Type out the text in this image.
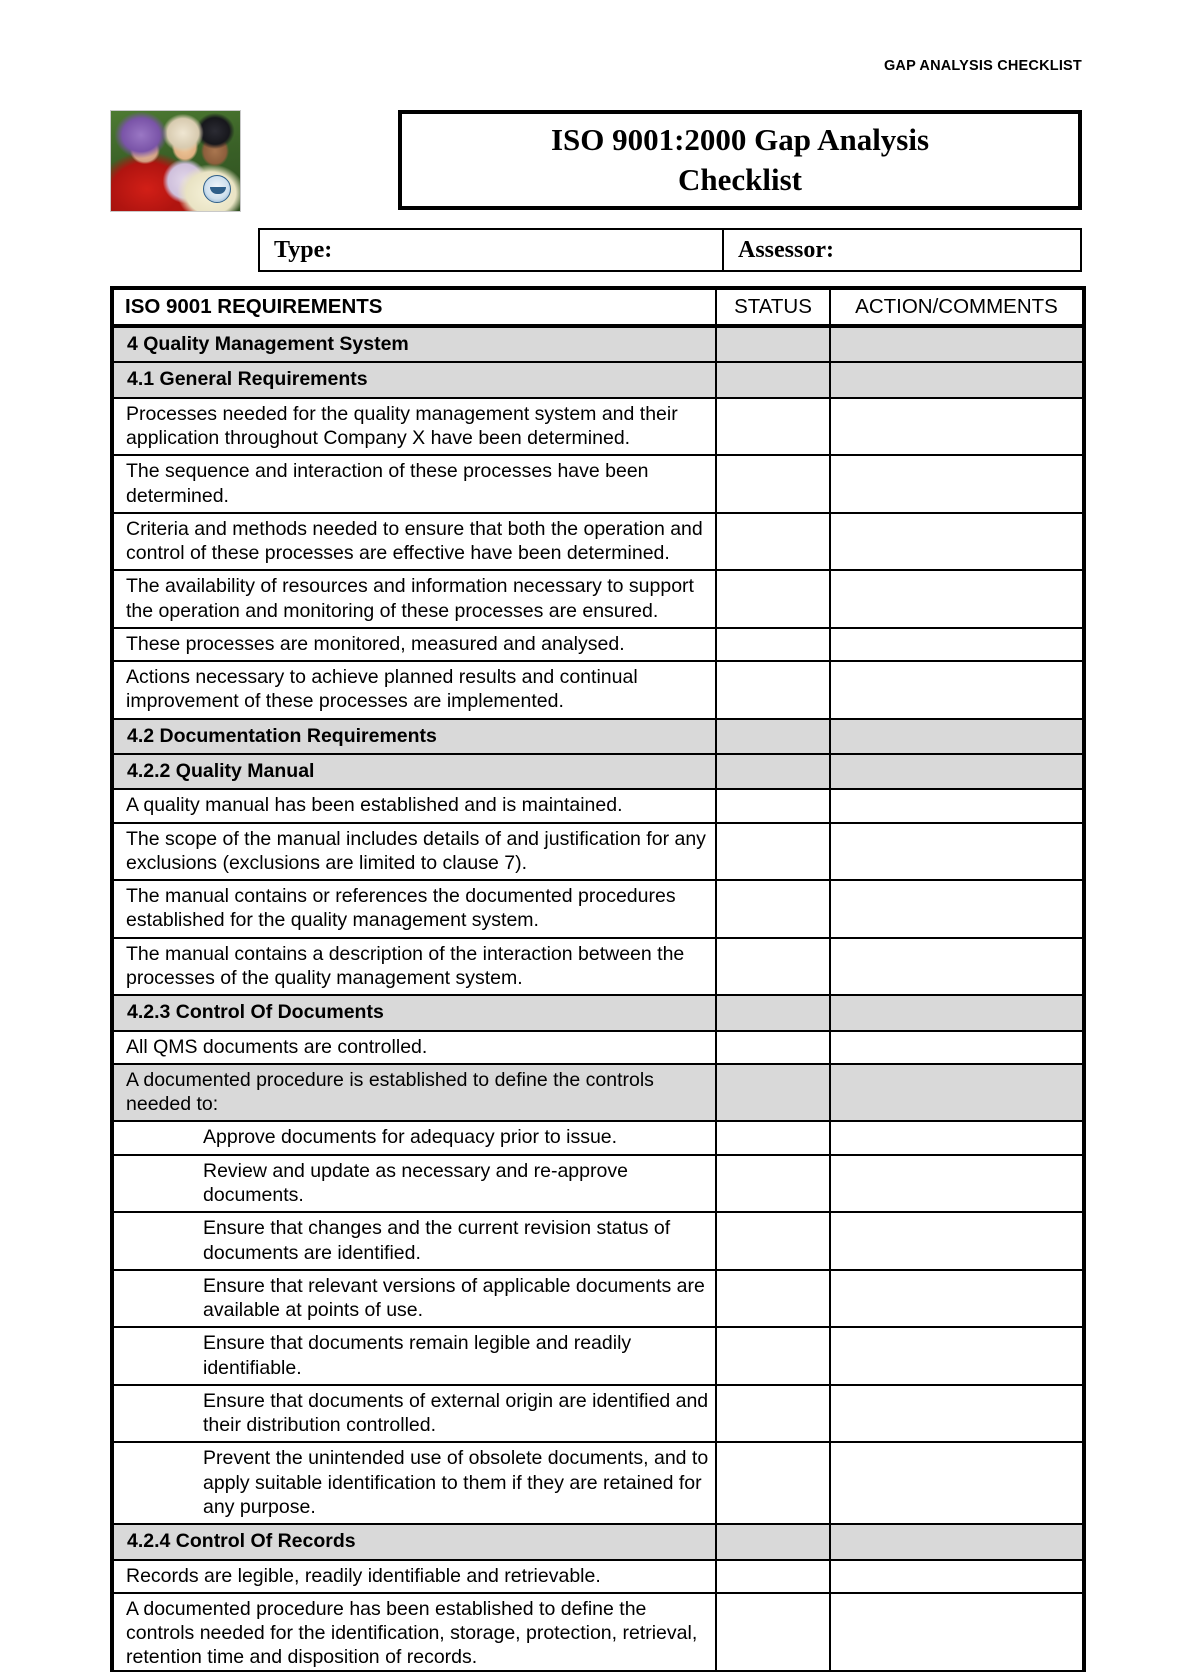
GAP ANALYSIS CHECKLIST
ISO 9001:2000 Gap Analysis
Checklist
Type:	Assessor:
ISO 9001 REQUIREMENTS	STATUS	ACTION/COMMENTS

4 Quality Management System		

4.1 General Requirements		

Processes needed for the quality management system and their application throughout Company X have been determined.		

The sequence and interaction of these processes have been determined.		

Criteria and methods needed to ensure that both the operation and control of these processes are effective have been determined.		

The availability of resources and information necessary to support the operation and monitoring of these processes are ensured.		

These processes are monitored, measured and analysed.		

Actions necessary to achieve planned results and continual improvement of these processes are implemented.		

4.2 Documentation Requirements		

4.2.2 Quality Manual		

A quality manual has been established and is maintained.		

The scope of the manual includes details of and justification for any exclusions (exclusions are limited to clause 7).		

The manual contains or references the documented procedures established for the quality management system.		

The manual contains a description of the interaction between the processes of the quality management system.		

4.2.3 Control Of Documents		

All QMS documents are controlled.		

A documented procedure is established to define the controls needed to:		

Approve documents for adequacy prior to issue.		

Review and update as necessary and re-approve documents.		

Ensure that changes and the current revision status of documents are identified.		

Ensure that relevant versions of applicable documents are available at points of use.		

Ensure that documents remain legible and readily identifiable.		

Ensure that documents of external origin are identified and their distribution controlled.		

Prevent the unintended use of obsolete documents, and to apply suitable identification to them if they are retained for any purpose.		

4.2.4 Control Of Records		

Records are legible, readily identifiable and retrievable.		

A documented procedure has been established to define the controls needed for the identification, storage, protection, retrieval, retention time and disposition of records.		
